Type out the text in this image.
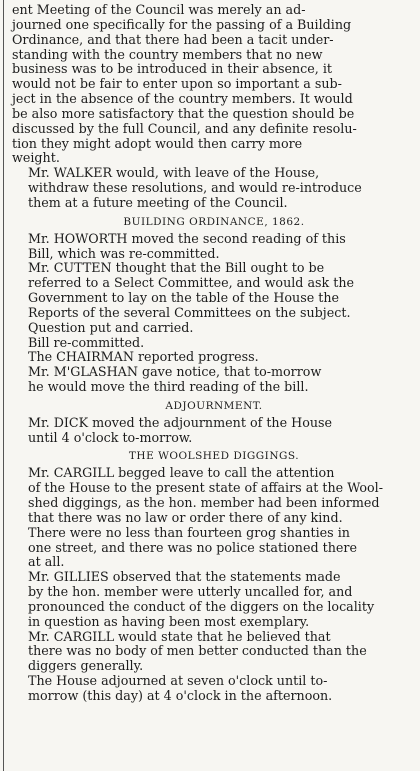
ent Meeting of the Council was merely an ad-
journed one specifically for the passing of a Building
Ordinance, and that there had been a tacit under-
standing with the country members that no new
business was to be introduced in their absence, it
would not be fair to enter upon so important a sub-
ject in the absence of the country members. It would
be also more satisfactory that the question should be
discussed by the full Council, and any definite resolu-
tion they might adopt would then carry more
weight.

Mr. WALKER would, with leave of the House,
withdraw these resolutions, and would re-introduce
them at a future meeting of the Council.

BUILDING ORDINANCE, 1862.

Mr. HOWORTH moved the second reading of this
Bill, which was re-committed.

Mr. CUTTEN thought that the Bill ought to be
referred to a Select Committee, and would ask the
Government to lay on the table of the House the
Reports of the several Committees on the subject.

Question put and carried.

Bill re-committed.

The CHAIRMAN reported progress.

Mr. M'GLASHAN gave notice, that to-morrow
he would move the third reading of the bill.

ADJOURNMENT.

Mr. DICK moved the adjournment of the House
until 4 o'clock to-morrow.

THE WOOLSHED DIGGINGS.

Mr. CARGILL begged leave to call the attention
of the House to the present state of affairs at the Wool-
shed diggings, as the hon. member had been informed
that there was no law or order there of any kind.
There were no less than fourteen grog shanties in
one street, and there was no police stationed there
at all.

Mr. GILLIES observed that the statements made
by the hon. member were utterly uncalled for, and
pronounced the conduct of the diggers on the locality
in question as having been most exemplary.

Mr. CARGILL would state that he believed that
there was no body of men better conducted than the
diggers generally.

The House adjourned at seven o'clock until to-
morrow (this day) at 4 o'clock in the afternoon.
